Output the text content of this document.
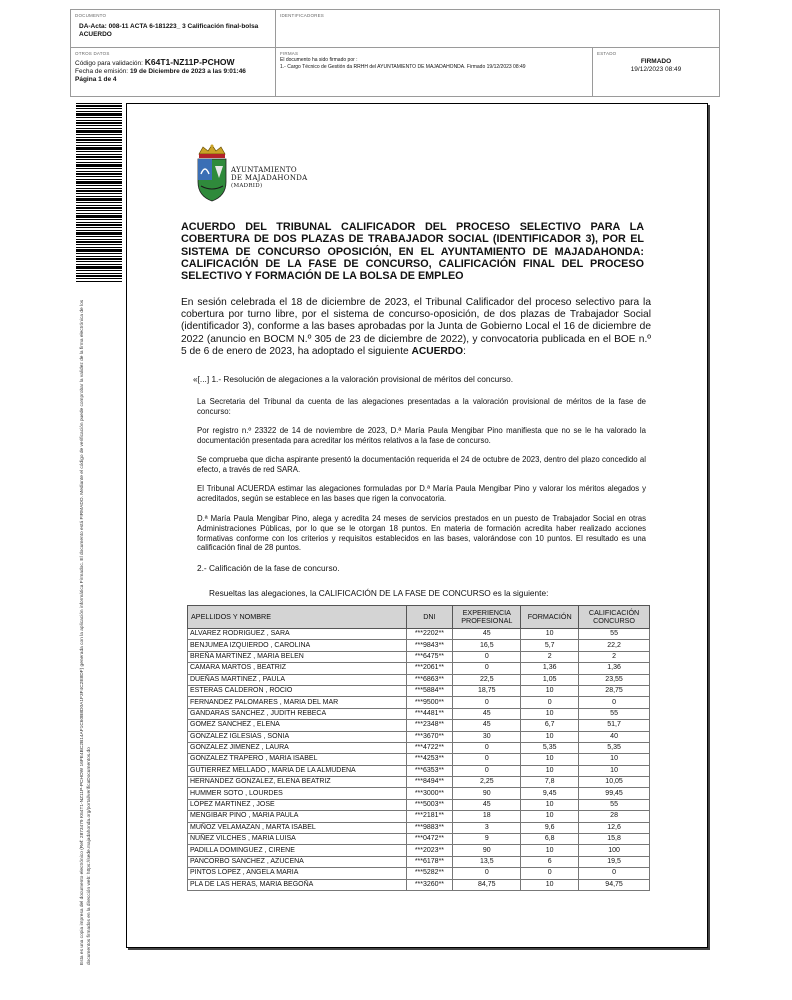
DOCUMENTO
DA-Acta: 008-11 ACTA 6-181223_ 3 Calificación final-bolsa ACUERDO
IDENTIFICADORES
OTROS DATOS
Código para validación: K64T1-NZ11P-PCHOW
Fecha de emisión: 19 de Diciembre de 2023 a las 9:01:46
Página 1 de 4
FIRMAS
El documento ha sido firmado por :
1.- Cargo Técnico de Gestión da RRHH del AYUNTAMIENTO DE MAJADAHONDA. Firmado 19/12/2023 08:49
ESTADO
FIRMADO
19/12/2023 08:49
Esta es una copia impresa del documento electrónico (Ref: 2873479 K64T1-NZ11P-PCHOW 16FE4BC2B14AF1C60B8D0A1F3F4C2E8DF) generada con la aplicación informática Firmadoc. El documento está FIRMADO. Mediante el código de verificación puede comprobar la validez de la firma electrónica de los documentos firmados en la dirección web: https://sede.majadahonda.org/portal/verificaDocumentos.do
AYUNTAMIENTO
DE MAJADAHONDA
(MADRID)
ACUERDO DEL TRIBUNAL CALIFICADOR DEL PROCESO SELECTIVO PARA LA COBERTURA DE DOS PLAZAS DE TRABAJADOR SOCIAL (IDENTIFICADOR 3), POR EL SISTEMA DE CONCURSO OPOSICIÓN, EN EL AYUNTAMIENTO DE MAJADAHONDA: CALIFICACIÓN DE LA FASE DE CONCURSO, CALIFICACIÓN FINAL DEL PROCESO SELECTIVO Y FORMACIÓN DE LA BOLSA DE EMPLEO
En sesión celebrada el 18 de diciembre de 2023, el Tribunal Calificador del proceso selectivo para la cobertura por turno libre, por el sistema de concurso-oposición, de dos plazas de Trabajador Social (identificador 3), conforme a las bases aprobadas por la Junta de Gobierno Local el 16 de diciembre de 2022 (anuncio en BOCM N.º 305 de 23 de diciembre de 2022), y convocatoria publicada en el BOE n.º 5 de 6 de enero de 2023, ha adoptado el siguiente ACUERDO:
«[...] 1.- Resolución de alegaciones a la valoración provisional de méritos del concurso.
La Secretaria del Tribunal da cuenta de las alegaciones presentadas a la valoración provisional de méritos de la fase de concurso:
Por registro n.º 23322 de 14 de noviembre de 2023, D.ª María Paula Mengibar Pino manifiesta que no se le ha valorado la documentación presentada para acreditar los méritos relativos a la fase de concurso.
Se comprueba que dicha aspirante presentó la documentación requerida el 24 de octubre de 2023, dentro del plazo concedido al efecto, a través de red SARA.
El Tribunal ACUERDA estimar las alegaciones formuladas por D.ª María Paula Mengibar Pino y valorar los méritos alegados y acreditados, según se establece en las bases que rigen la convocatoria.
D.ª María Paula Mengibar Pino, alega y acredita 24 meses de servicios prestados en un puesto de Trabajador Social en otras Administraciones Públicas, por lo que se le otorgan 18 puntos. En materia de formación acredita haber realizado acciones formativas conforme con los criterios y requisitos establecidos en las bases, valorándose con 10 puntos. El resultado es una calificación final de 28 puntos.
2.- Calificación de la fase de concurso.
Resueltas las alegaciones, la CALIFICACIÓN DE LA FASE DE CONCURSO es la siguiente:
APELLIDOS Y NOMBRE	DNI	EXPERIENCIA PROFESIONAL	FORMACIÓN	CALIFICACIÓN CONCURSO
ALVAREZ RODRIGUEZ , SARA	***2202**	45	10	55
BENJUMEA IZQUIERDO , CAROLINA	***9843**	16,5	5,7	22,2
BREÑA MARTINEZ , MARIA BELEN	***6475**	0	2	2
CAMARA MARTOS , BEATRIZ	***2061**	0	1,36	1,36
DUEÑAS MARTINEZ , PAULA	***6863**	22,5	1,05	23,55
ESTERAS CALDERON , ROCIO	***5884**	18,75	10	28,75
FERNANDEZ PALOMARES , MARIA DEL MAR	***9500**	0	0	0
GANDARAS SANCHEZ , JUDITH REBECA	***4481**	45	10	55
GOMEZ SANCHEZ , ELENA	***2348**	45	6,7	51,7
GONZALEZ IGLESIAS , SONIA	***3670**	30	10	40
GONZALEZ JIMENEZ , LAURA	***4722**	0	5,35	5,35
GONZALEZ TRAPERO , MARIA ISABEL	***4253**	0	10	10
GUTIERREZ MELLADO , MARIA DE LA ALMUDENA	***6353**	0	10	10
HERNANDEZ GONZALEZ, ELENA BEATRIZ	***8494**	2,25	7,8	10,05
HUMMER SOTO , LOURDES	***3000**	90	9,45	99,45
LÓPEZ MARTINEZ , JOSE	***5003**	45	10	55
MENGIBAR PINO , MARIA PAULA	***2181**	18	10	28
MUÑOZ VELAMAZAN , MARTA ISABEL	***9883**	3	9,6	12,6
NUÑEZ VILCHES , MARIA LUISA	***0472**	9	6,8	15,8
PADILLA DOMINGUEZ , CIRENE	***2023**	90	10	100
PANCORBO SANCHEZ , AZUCENA	***6178**	13,5	6	19,5
PINTOS LOPEZ , ANGELA MARIA	***5282**	0	0	0
PLA DE LAS HERAS, MARIA BEGOÑA	***3260**	84,75	10	94,75
